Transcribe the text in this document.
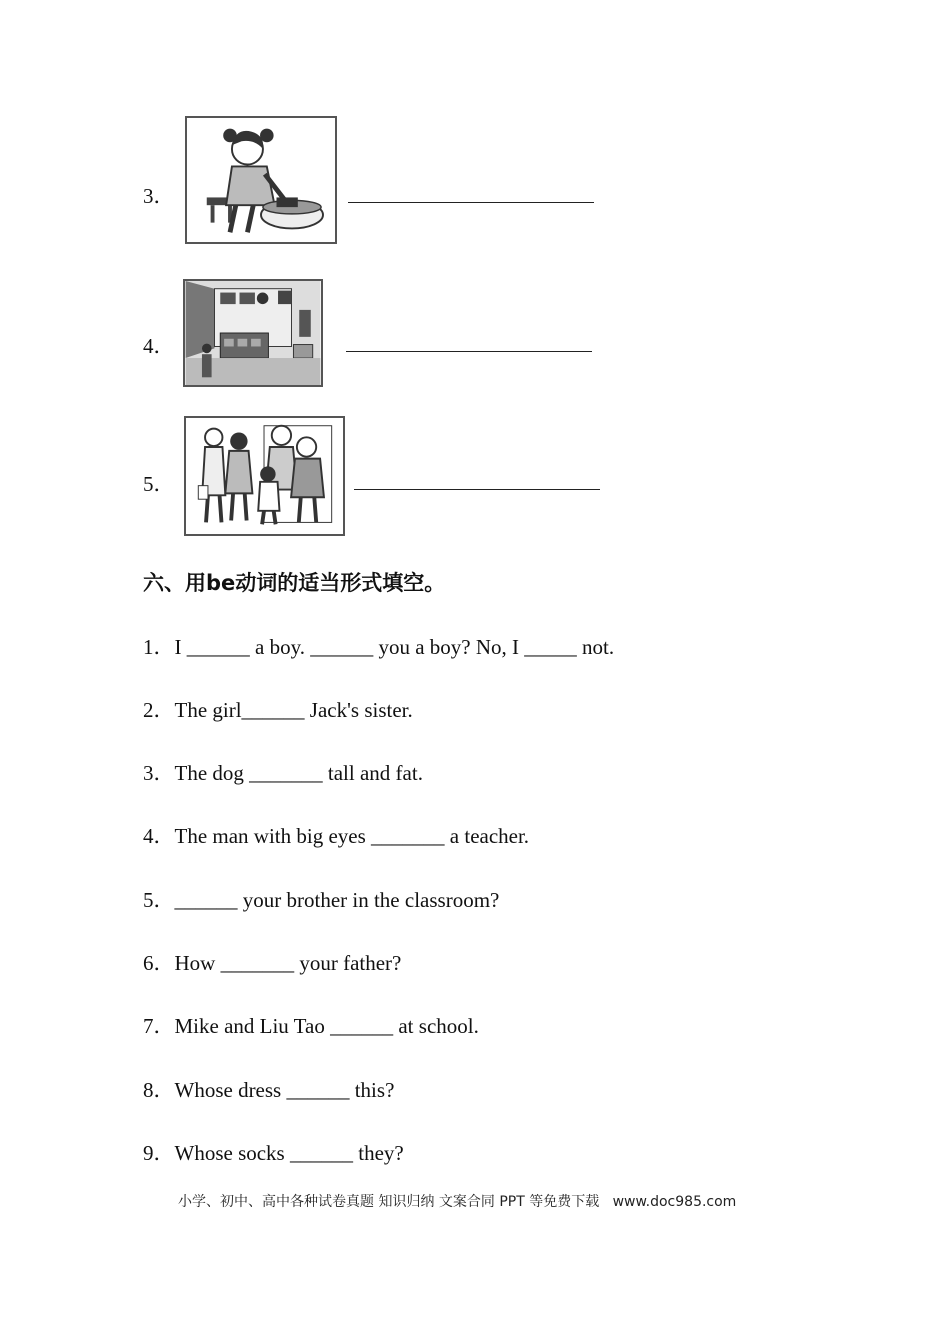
3．
4．
5．
六、用be动词的适当形式填空。
1．I ______ a boy. ______ you a boy? No, I _____ not.
2．The girl______ Jack's sister.
3．The dog _______ tall and fat.
4．The man with big eyes _______ a teacher.
5．______ your brother in the classroom?
6．How _______ your father?
7．Mike and Liu Tao ______ at school.
8．Whose dress ______ this?
9．Whose socks ______ they?
小学、初中、高中各种试卷真题 知识归纳 文案合同 PPT 等免费下载   www.doc985.com
